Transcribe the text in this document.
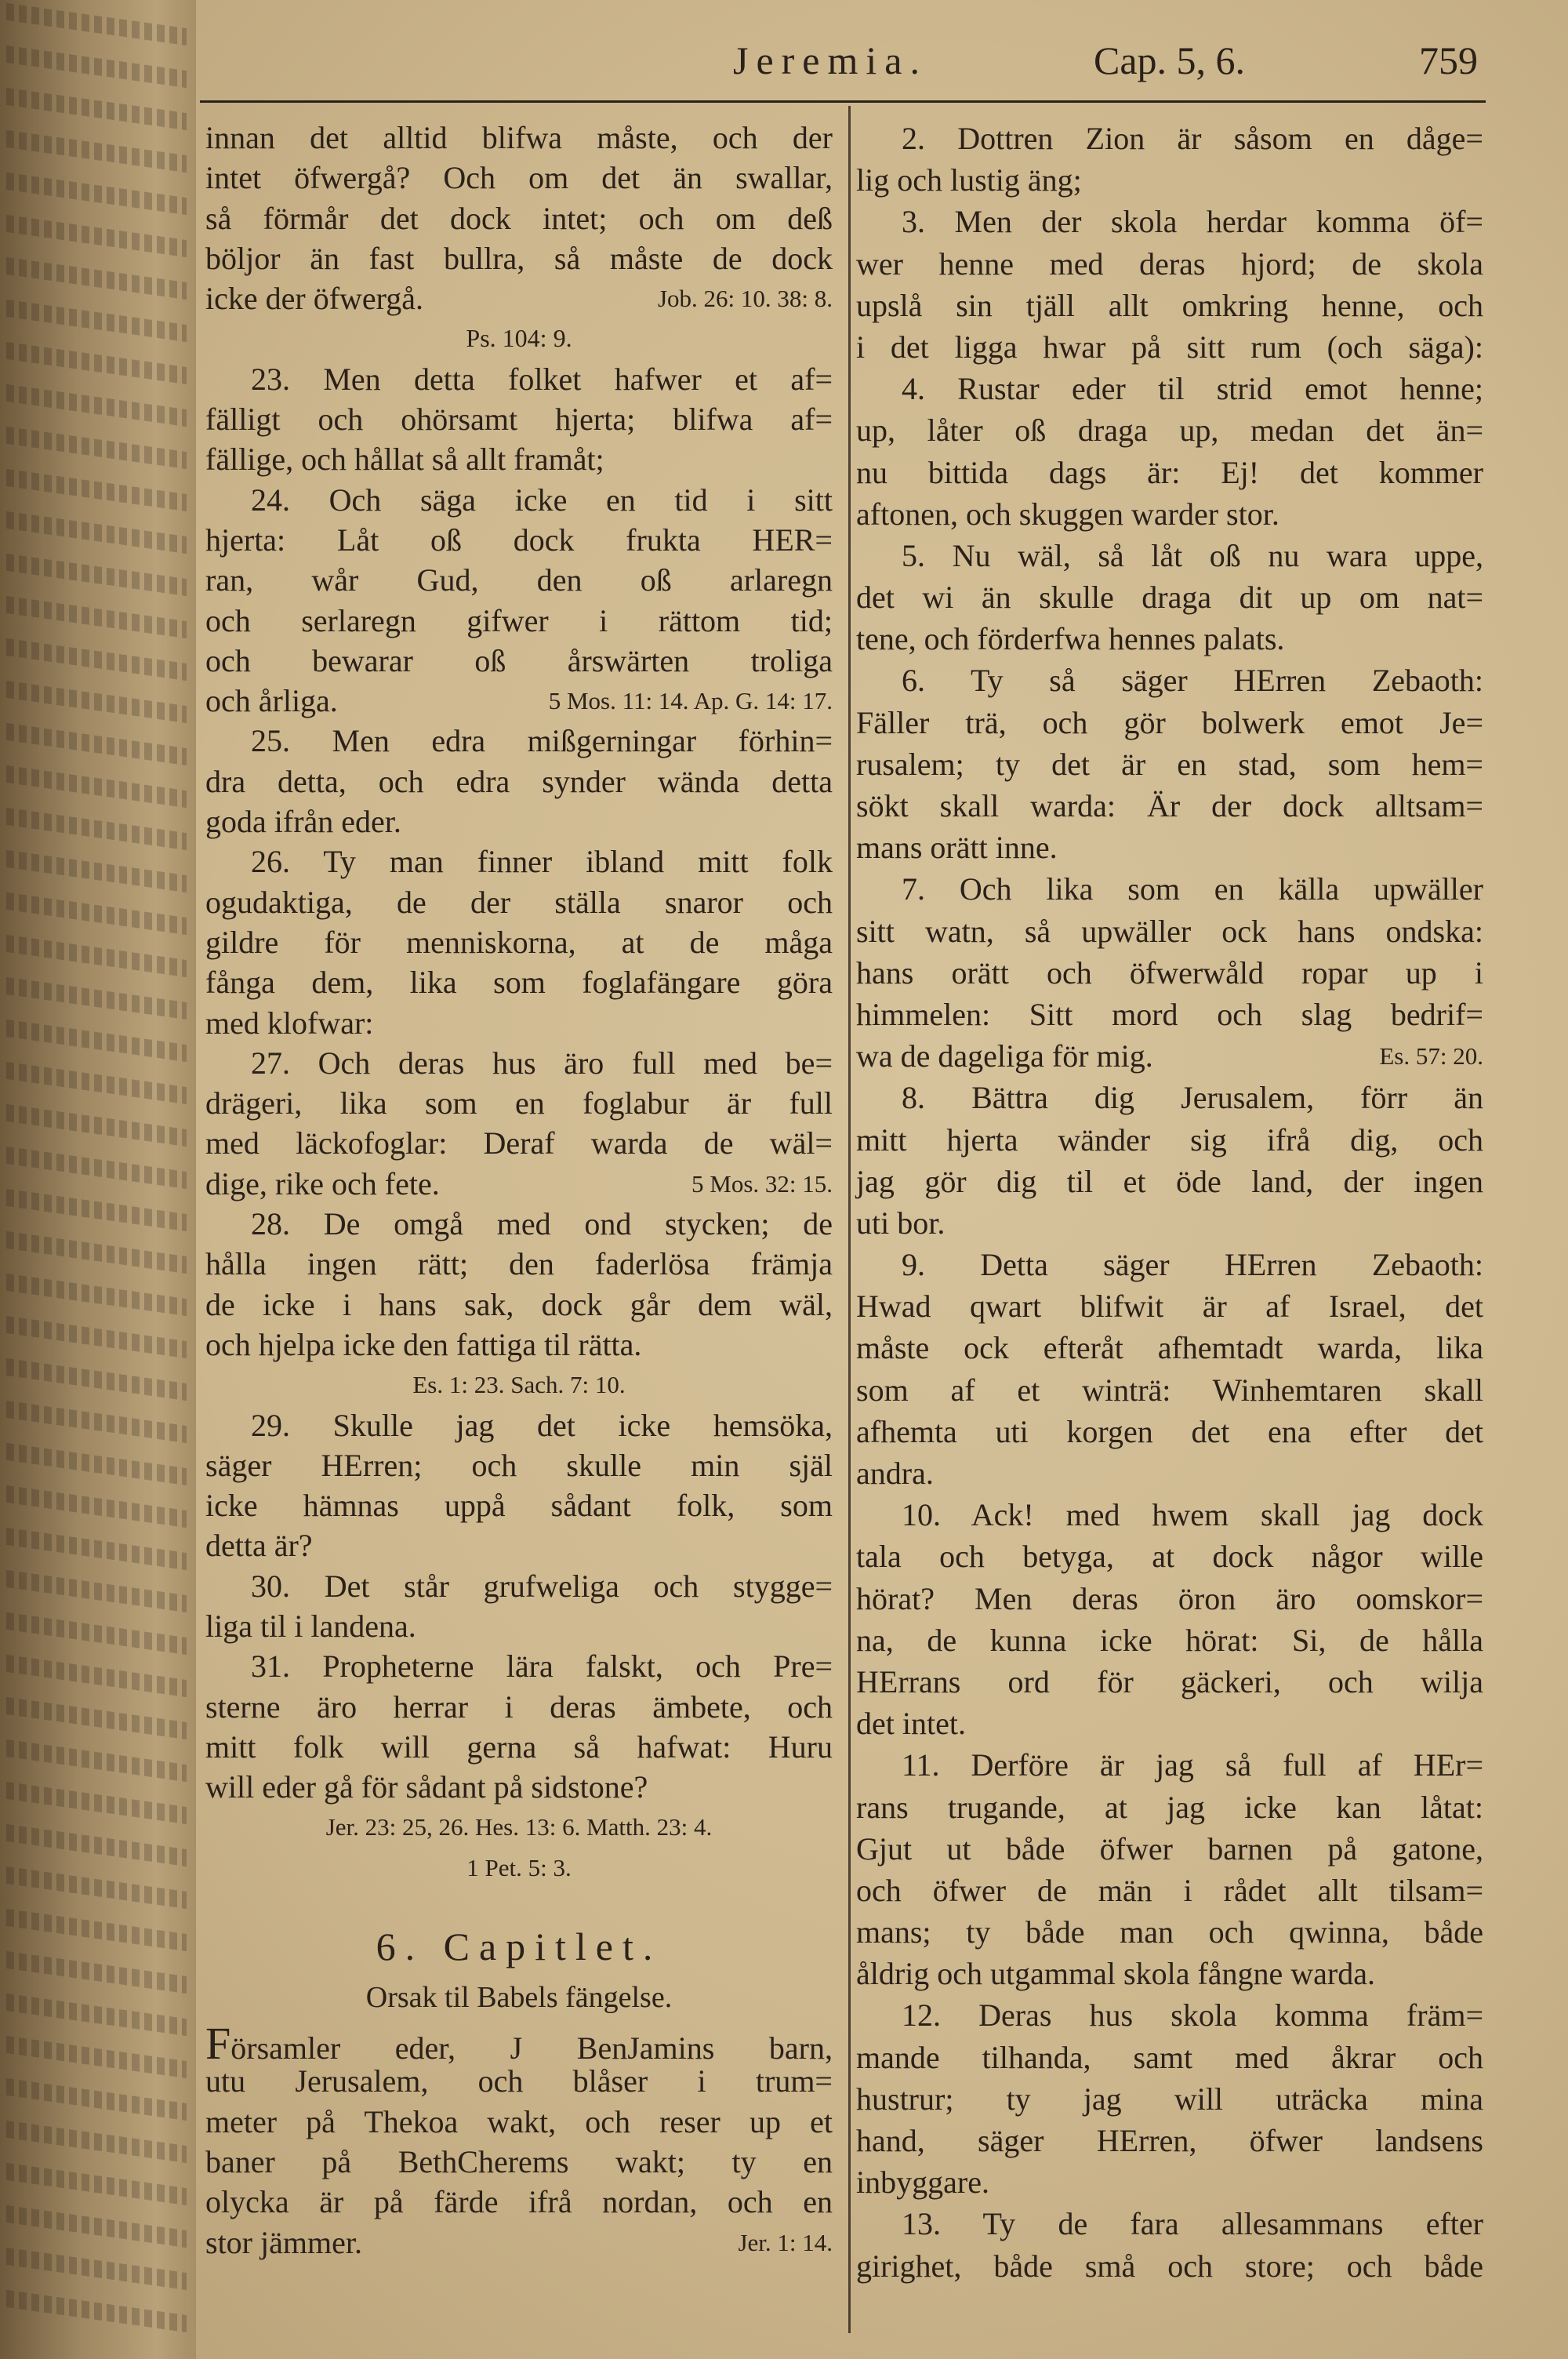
Jeremia.	Cap. 5, 6.	759
innan det alltid blifwa måste, och der
intet öfwergå? Och om det än swallar,
så förmår det dock intet; och om deß
böljor än fast bullra, så måste de dock
icke der öfwergå.	Job. 26: 10. 38: 8.
Ps. 104: 9.
23. Men detta folket hafwer et af=
fälligt och ohörsamt hjerta; blifwa af=
fällige, och hållat så allt framåt;
24. Och säga icke en tid i sitt
hjerta: Låt oß dock frukta HER=
ran, wår Gud, den oß arlaregn
och serlaregn gifwer i rättom tid;
och bewarar oß årswärten troliga
och årliga.	5 Mos. 11: 14. Ap. G. 14: 17.
25. Men edra mißgerningar förhin=
dra detta, och edra synder wända detta
goda ifrån eder.
26. Ty man finner ibland mitt folk
ogudaktiga, de der ställa snaror och
gildre för menniskorna, at de måga
fånga dem, lika som foglafängare göra
med klofwar:
27. Och deras hus äro full med be=
drägeri, lika som en foglabur är full
med läckofoglar: Deraf warda de wäl=
dige, rike och fete.	5 Mos. 32: 15.
28. De omgå med ond stycken; de
hålla ingen rätt; den faderlösa främja
de icke i hans sak, dock går dem wäl,
och hjelpa icke den fattiga til rätta.
Es. 1: 23. Sach. 7: 10.
29. Skulle jag det icke hemsöka,
säger HErren; och skulle min själ
icke hämnas uppå sådant folk, som
detta är?
30. Det står grufweliga och stygge=
liga til i landena.
31. Propheterne lära falskt, och Pre=
sterne äro herrar i deras ämbete, och
mitt folk will gerna så hafwat: Huru
will eder gå för sådant på sidstone?
Jer. 23: 25, 26. Hes. 13: 6. Matth. 23: 4.
1 Pet. 5: 3.
6. Capitlet.
Orsak til Babels fängelse.
Församler eder, J BenJamins barn,
utu Jerusalem, och blåser i trum=
meter på Thekoa wakt, och reser up et
baner på BethCherems wakt; ty en
olycka är på färde ifrå nordan, och en
stor jämmer.	Jer. 1: 14.
2. Dottren Zion är såsom en dåge=
lig och lustig äng;
3. Men der skola herdar komma öf=
wer henne med deras hjord; de skola
upslå sin tjäll allt omkring henne, och
i det ligga hwar på sitt rum (och säga):
4. Rustar eder til strid emot henne;
up, låter oß draga up, medan det än=
nu bittida dags är: Ej! det kommer
aftonen, och skuggen warder stor.
5. Nu wäl, så låt oß nu wara uppe,
det wi än skulle draga dit up om nat=
tene, och förderfwa hennes palats.
6. Ty så säger HErren Zebaoth:
Fäller trä, och gör bolwerk emot Je=
rusalem; ty det är en stad, som hem=
sökt skall warda: Är der dock alltsam=
mans orätt inne.
7. Och lika som en källa upwäller
sitt watn, så upwäller ock hans ondska:
hans orätt och öfwerwåld ropar up i
himmelen: Sitt mord och slag bedrif=
wa de dageliga för mig.	Es. 57: 20.
8. Bättra dig Jerusalem, förr än
mitt hjerta wänder sig ifrå dig, och
jag gör dig til et öde land, der ingen
uti bor.
9. Detta säger HErren Zebaoth:
Hwad qwart blifwit är af Israel, det
måste ock efteråt afhemtadt warda, lika
som af et winträ: Winhemtaren skall
afhemta uti korgen det ena efter det
andra.
10. Ack! med hwem skall jag dock
tala och betyga, at dock någor wille
hörat? Men deras öron äro oomskor=
na, de kunna icke hörat: Si, de hålla
HErrans ord för gäckeri, och wilja
det intet.
11. Derföre är jag så full af HEr=
rans trugande, at jag icke kan låtat:
Gjut ut både öfwer barnen på gatone,
och öfwer de män i rådet allt tilsam=
mans; ty både man och qwinna, både
åldrig och utgammal skola fångne warda.
12. Deras hus skola komma främ=
mande tilhanda, samt med åkrar och
hustrur; ty jag will uträcka mina
hand, säger HErren, öfwer landsens
inbyggare.
13. Ty de fara allesammans efter
girighet, både små och store; och både
